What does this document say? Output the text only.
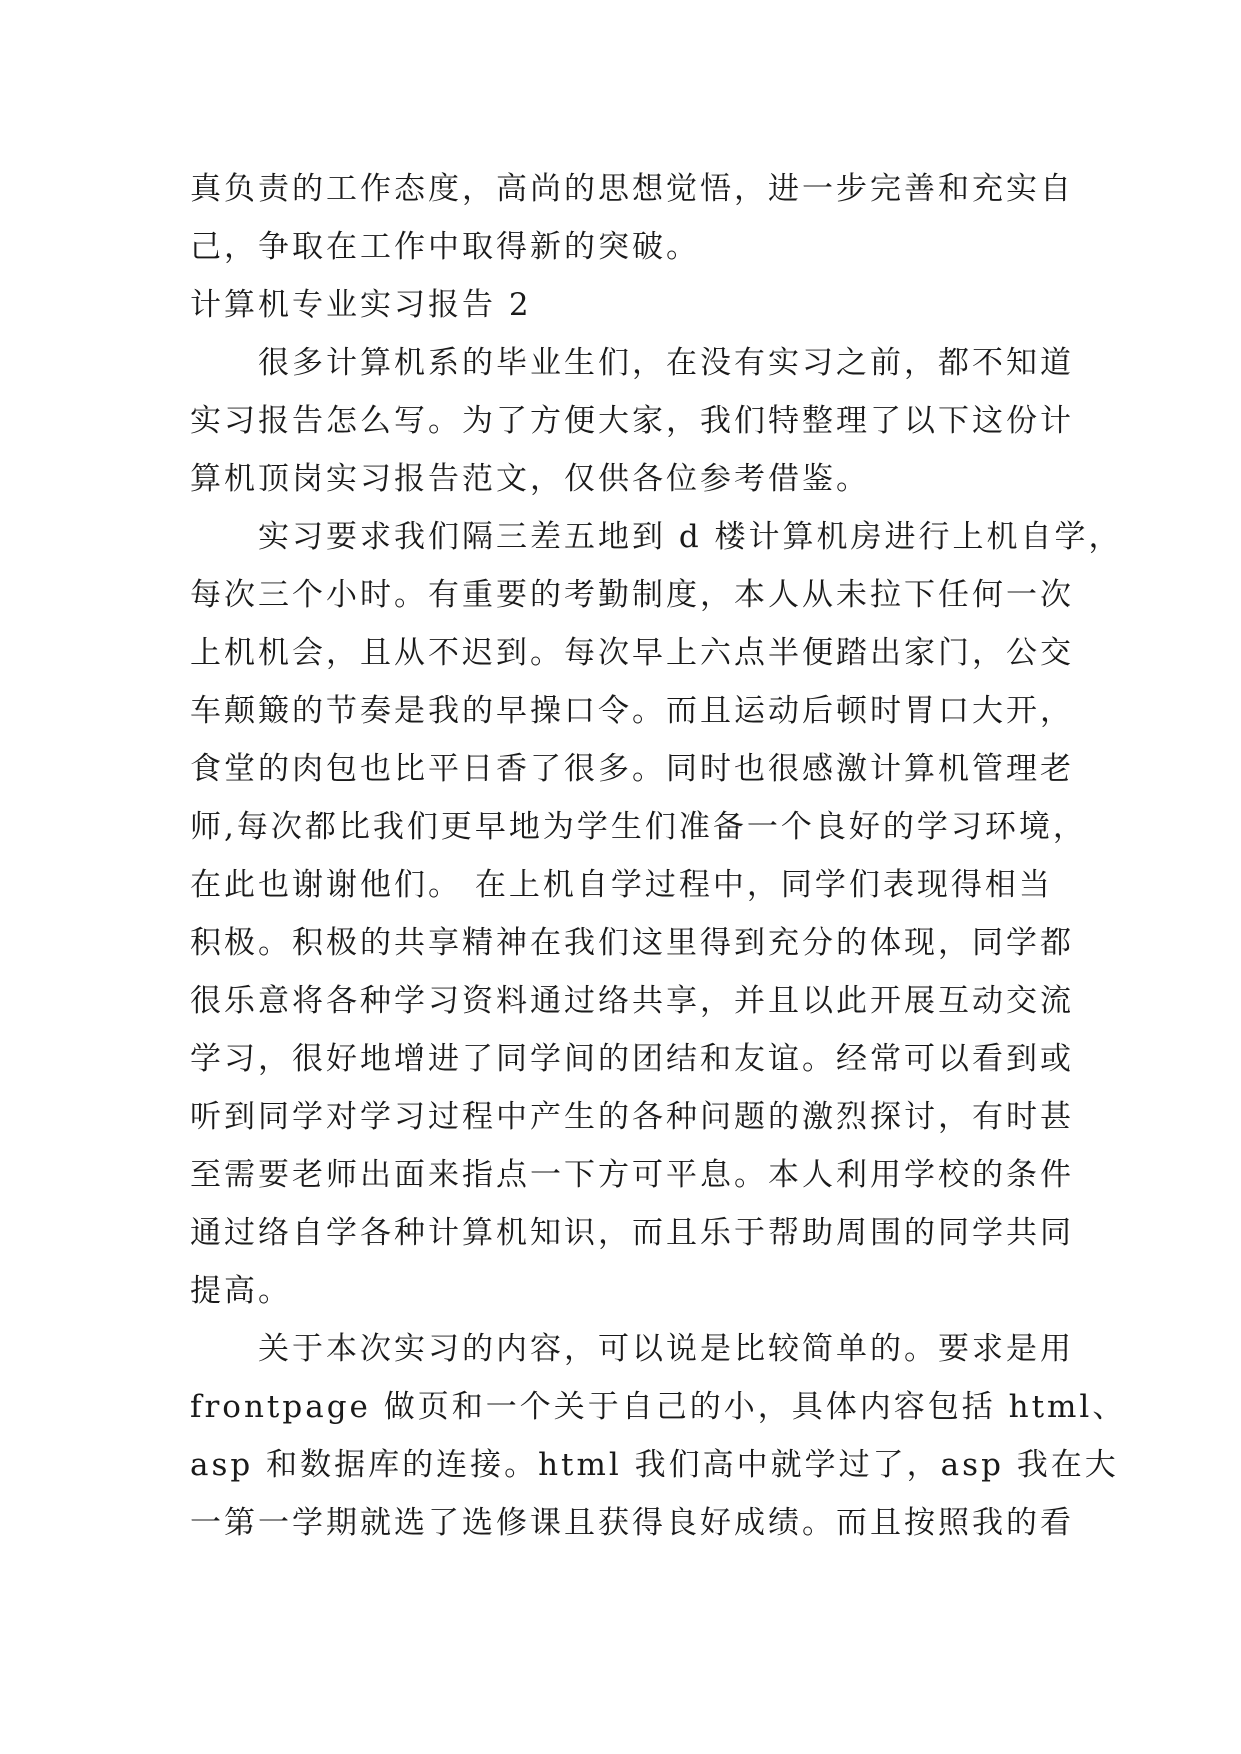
真负责的工作态度，高尚的思想觉悟，进一步完善和充实自
己，争取在工作中取得新的突破。
计算机专业实习报告 2
很多计算机系的毕业生们，在没有实习之前，都不知道
实习报告怎么写。为了方便大家，我们特整理了以下这份计
算机顶岗实习报告范文，仅供各位参考借鉴。
实习要求我们隔三差五地到 d 楼计算机房进行上机自学，
每次三个小时。有重要的考勤制度，本人从未拉下任何一次
上机机会，且从不迟到。每次早上六点半便踏出家门，公交
车颠簸的节奏是我的早操口令。而且运动后顿时胃口大开，
食堂的肉包也比平日香了很多。同时也很感激计算机管理老
师,每次都比我们更早地为学生们准备一个良好的学习环境，
在此也谢谢他们。 在上机自学过程中，同学们表现得相当
积极。积极的共享精神在我们这里得到充分的体现，同学都
很乐意将各种学习资料通过络共享，并且以此开展互动交流
学习，很好地增进了同学间的团结和友谊。经常可以看到或
听到同学对学习过程中产生的各种问题的激烈探讨，有时甚
至需要老师出面来指点一下方可平息。本人利用学校的条件
通过络自学各种计算机知识，而且乐于帮助周围的同学共同
提高。
关于本次实习的内容，可以说是比较简单的。要求是用
frontpage 做页和一个关于自己的小，具体内容包括 html、
asp 和数据库的连接。html 我们高中就学过了，asp 我在大
一第一学期就选了选修课且获得良好成绩。而且按照我的看
